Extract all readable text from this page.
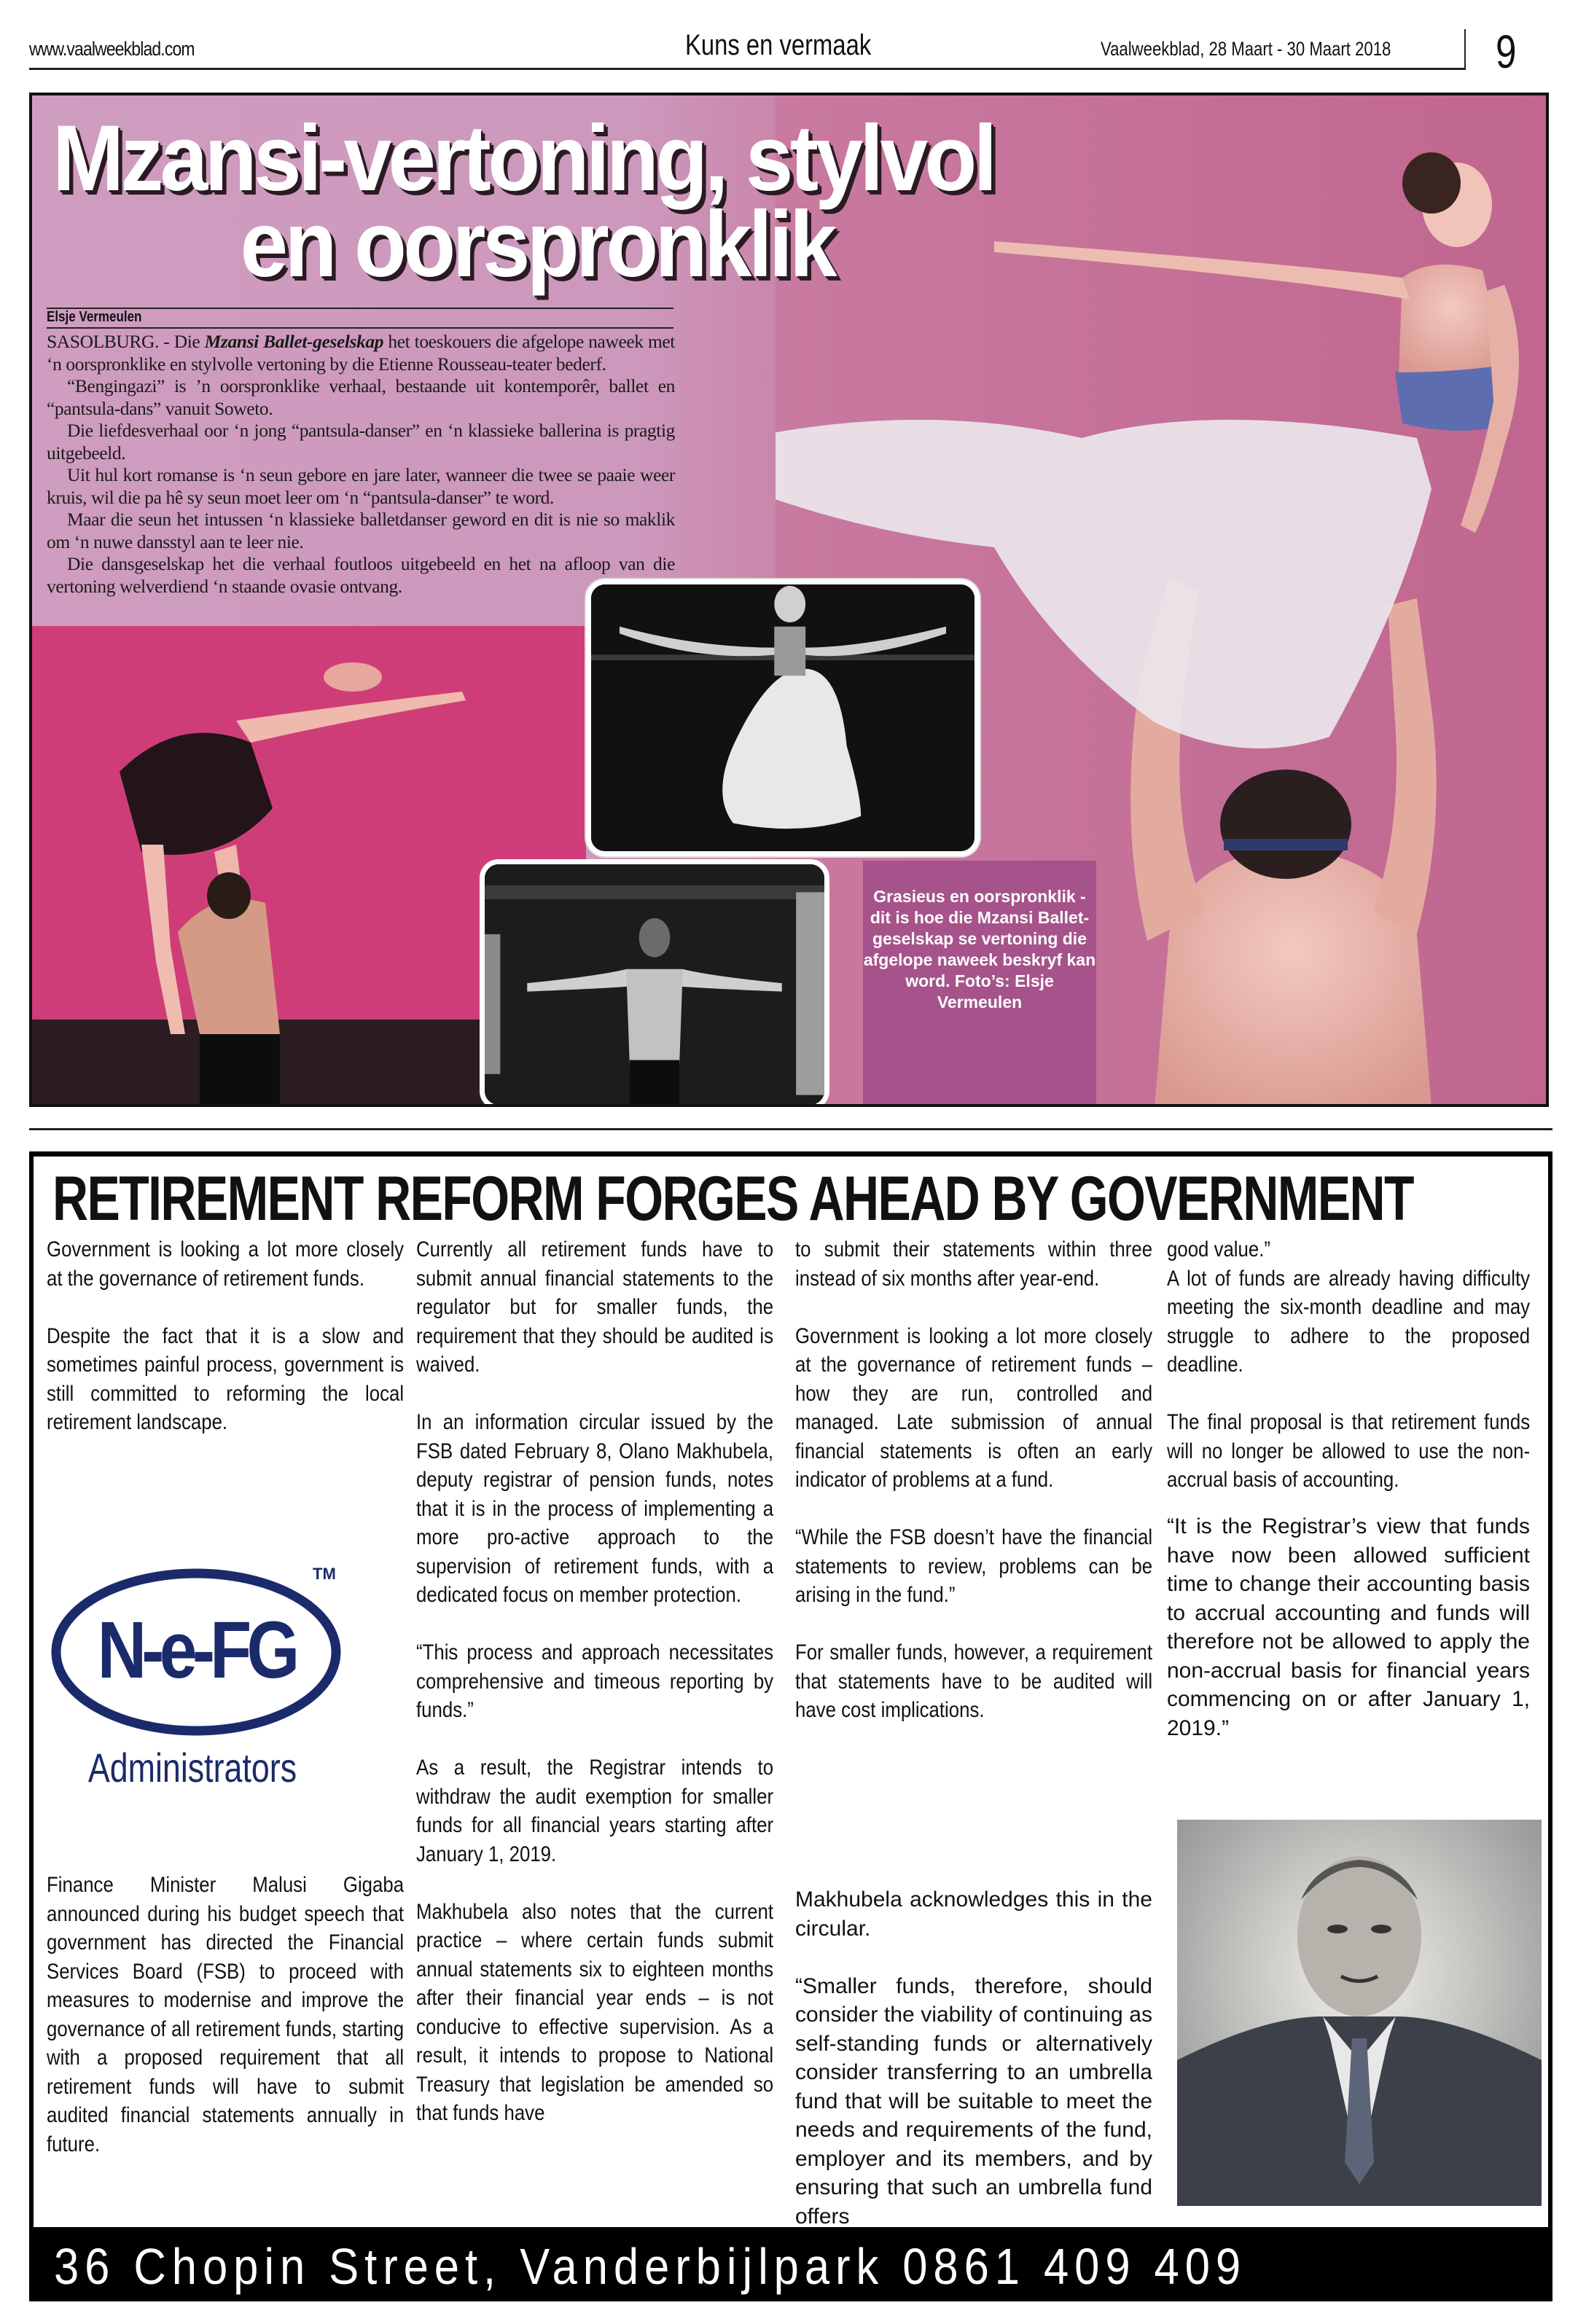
www.vaalweekblad.com	Kuns en vermaak	Vaalweekblad, 28 Maart - 30 Maart 2018 9
Mzansi-vertoning, stylvol
en oorspronklik
Elsje Vermeulen

SASOLBURG. - Die Mzansi Ballet-geselskap het toeskouers die afgelope naweek met ‘n oorspronklike en stylvolle vertoning by die Etienne Rousseau-teater bederf.

“Bengingazi” is ’n oorspronklike verhaal, bestaande uit kontemporêr, ballet en “pantsula-dans” vanuit Soweto.

Die liefdesverhaal oor ‘n jong “pantsula-danser” en ‘n klassieke ballerina is pragtig uitgebeeld.

Uit hul kort romanse is ‘n seun gebore en jare later, wanneer die twee se paaie weer kruis, wil die pa hê sy seun moet leer om ‘n “pantsula-danser” te word.

Maar die seun het intussen ‘n klassieke balletdanser geword en dit is nie so maklik om ‘n nuwe dansstyl aan te leer nie.

Die dansgeselskap het die verhaal foutloos uitgebeeld en het na afloop van die vertoning welverdiend ‘n staande ovasie ontvang.

Grasieus en oorspronklik - dit is hoe die Mzansi Ballet-geselskap se vertoning die afgelope naweek beskryf kan word. Foto’s: Elsje Vermeulen
RETIREMENT REFORM FORGES AHEAD BY GOVERNMENT

Government is looking a lot more closely at the governance of retirement funds.

Despite the fact that it is a slow and sometimes painful process, government is still committed to reforming the local retirement landscape.

TM
N-e-FG
Administrators

Finance Minister Malusi Gigaba announced during his budget speech that government has directed the Financial Services Board (FSB) to proceed with measures to modernise and improve the governance of all retirement funds, starting with a proposed requirement that all retirement funds will have to submit audited financial statements annually in future.

Currently all retirement funds have to submit annual financial statements to the regulator but for smaller funds, the requirement that they should be audited is waived.

In an information circular issued by the FSB dated February 8, Olano Makhubela, deputy registrar of pension funds, notes that it is in the process of implementing a more pro-active approach to the supervision of retirement funds, with a dedicated focus on member protection.

“This process and approach necessitates comprehensive and timeous reporting by funds.”

As a result, the Registrar intends to withdraw the audit exemption for smaller funds for all financial years starting after January 1, 2019.

Makhubela also notes that the current practice – where certain funds submit annual statements six to eighteen months after their financial year ends – is not conducive to effective supervision. As a result, it intends to propose to National Treasury that legislation be amended so that funds have

to submit their statements within three instead of six months after year-end.

Government is looking a lot more closely at the governance of retirement funds – how they are run, controlled and managed. Late submission of annual financial statements is often an early indicator of problems at a fund.

“While the FSB doesn’t have the financial statements to review, problems can be arising in the fund.”

For smaller funds, however, a requirement that statements have to be audited will have cost implications.

Makhubela acknowledges this in the circular.

“Smaller funds, therefore, should consider the viability of continuing as self-standing funds or alternatively consider transferring to an umbrella fund that will be suitable to meet the needs and requirements of the fund, employer and its members, and by ensuring that such an umbrella fund offers

good value.”

A lot of funds are already having difficulty meeting the six-month deadline and may struggle to adhere to the proposed deadline.

The final proposal is that retirement funds will no longer be allowed to use the non-accrual basis of accounting.

“It is the Registrar’s view that funds have now been allowed sufficient time to change their accounting basis to accrual accounting and funds will therefore not be allowed to apply the non-accrual basis for financial years commencing on or after January 1, 2019.”

36 Chopin Street, Vanderbijlpark 0861 409 409
